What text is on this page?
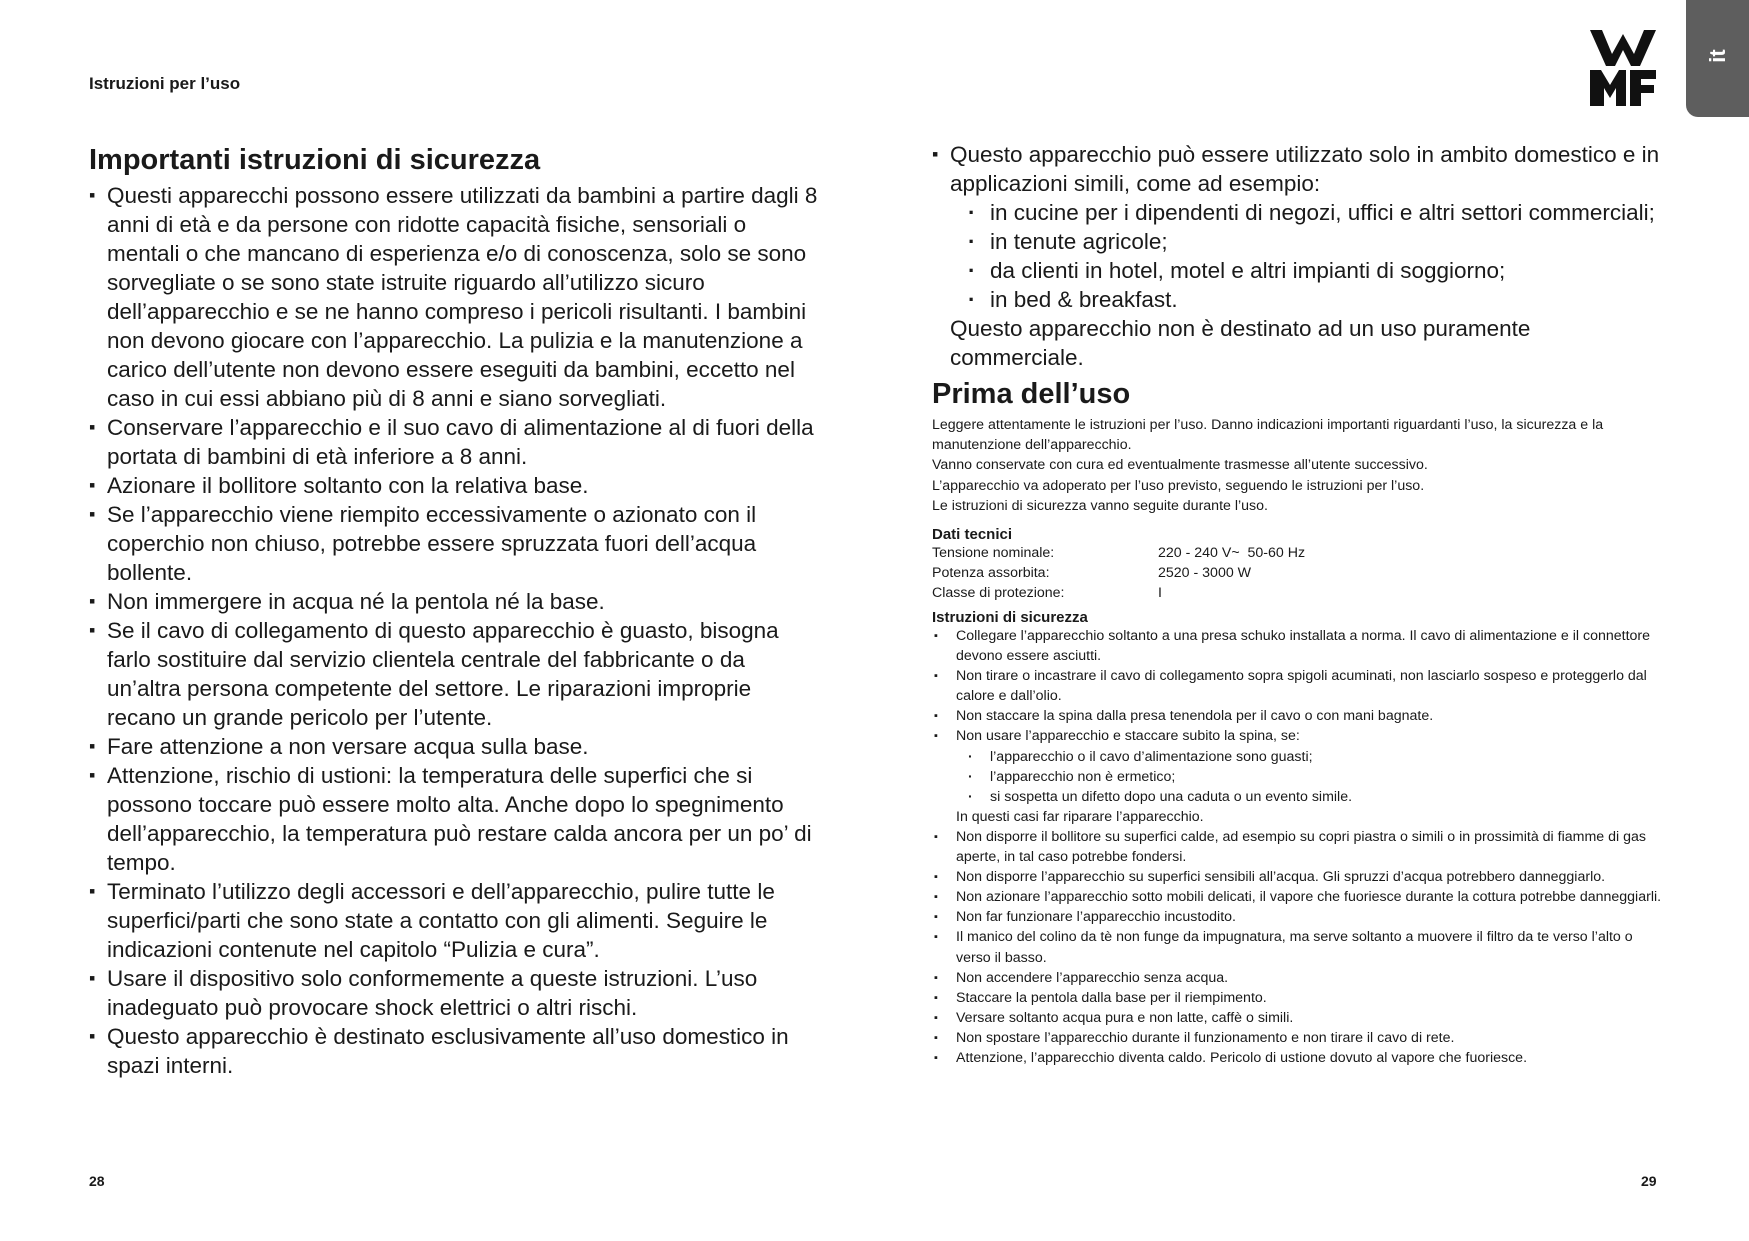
Istruzioni per l’uso
it
Importanti istruzioni di sicurezza
▪ Questi apparecchi possono essere utilizzati da bambini a partire dagli 8 anni di età e da persone con ridotte capacità fisiche, sensoriali o mentali o che mancano di esperienza e/o di conoscenza, solo se sono sorvegliate o se sono state istruite riguardo all’utilizzo sicuro dell’apparecchio e se ne hanno compreso i pericoli risultanti. I bambini non devono giocare con l’apparecchio. La pulizia e la manutenzione a carico dell’utente non devono essere eseguiti da bambini, eccetto nel caso in cui essi abbiano più di 8 anni e siano sorvegliati.
▪ Conservare l’apparecchio e il suo cavo di alimentazione al di fuori della portata di bambini di età inferiore a 8 anni.
▪ Azionare il bollitore soltanto con la relativa base.
▪ Se l’apparecchio viene riempito eccessivamente o azionato con il coperchio non chiuso, potrebbe essere spruzzata fuori dell’acqua bollente.
▪ Non immergere in acqua né la pentola né la base.
▪ Se il cavo di collegamento di questo apparecchio è guasto, bisogna farlo sostituire dal servizio clientela centrale del fabbricante o da un’altra persona competente del settore. Le riparazioni improprie recano un grande pericolo per l’utente.
▪ Fare attenzione a non versare acqua sulla base.
▪ Attenzione, rischio di ustioni: la temperatura delle superfici che si possono toccare può essere molto alta. Anche dopo lo spegnimento dell’apparecchio, la temperatura può restare calda ancora per un po’ di tempo.
▪ Terminato l’utilizzo degli accessori e dell’apparecchio, pulire tutte le superfici/parti che sono state a contatto con gli alimenti. Seguire le indicazioni contenute nel capitolo “Pulizia e cura”.
▪ Usare il dispositivo solo conformemente a queste istruzioni. L’uso inadeguato può provocare shock elettrici o altri rischi.
▪ Questo apparecchio è destinato esclusivamente all’uso domestico in spazi interni.
▪ Questo apparecchio può essere utilizzato solo in ambito domestico e in applicazioni simili, come ad esempio:
· in cucine per i dipendenti di negozi, uffici e altri settori commerciali;
· in tenute agricole;
· da clienti in hotel, motel e altri impianti di soggiorno;
· in bed & breakfast.
Questo apparecchio non è destinato ad un uso puramente commerciale.
Prima dell’uso
Leggere attentamente le istruzioni per l’uso. Danno indicazioni importanti riguardanti l’uso, la sicurezza e la manutenzione dell’apparecchio.
Vanno conservate con cura ed eventualmente trasmesse all’utente successivo.
L’apparecchio va adoperato per l’uso previsto, seguendo le istruzioni per l’uso.
Le istruzioni di sicurezza vanno seguite durante l’uso.
Dati tecnici
Tensione nominale:	220 - 240 V~  50-60 Hz
Potenza assorbita:	2520 - 3000 W
Classe di protezione:	I
Istruzioni di sicurezza
▪ Collegare l’apparecchio soltanto a una presa schuko installata a norma. Il cavo di alimentazione e il connettore devono essere asciutti.
▪ Non tirare o incastrare il cavo di collegamento sopra spigoli acuminati, non lasciarlo sospeso e proteggerlo dal calore e dall’olio.
▪ Non staccare la spina dalla presa tenendola per il cavo o con mani bagnate.
▪ Non usare l’apparecchio e staccare subito la spina, se:
· l’apparecchio o il cavo d’alimentazione sono guasti;
· l’apparecchio non è ermetico;
· si sospetta un difetto dopo una caduta o un evento simile.
In questi casi far riparare l’apparecchio.
▪ Non disporre il bollitore su superfici calde, ad esempio su copri piastra o simili o in prossimità di fiamme di gas aperte, in tal caso potrebbe fondersi.
▪ Non disporre l’apparecchio su superfici sensibili all’acqua. Gli spruzzi d’acqua potrebbero danneggiarlo.
▪ Non azionare l’apparecchio sotto mobili delicati, il vapore che fuoriesce durante la cottura potrebbe danneggiarli.
▪ Non far funzionare l’apparecchio incustodito.
▪ Il manico del colino da tè non funge da impugnatura, ma serve soltanto a muovere il filtro da te verso l’alto o verso il basso.
▪ Non accendere l’apparecchio senza acqua.
▪ Staccare la pentola dalla base per il riempimento.
▪ Versare soltanto acqua pura e non latte, caffè o simili.
▪ Non spostare l’apparecchio durante il funzionamento e non tirare il cavo di rete.
▪ Attenzione, l’apparecchio diventa caldo. Pericolo di ustione dovuto al vapore che fuoriesce.
28	29
